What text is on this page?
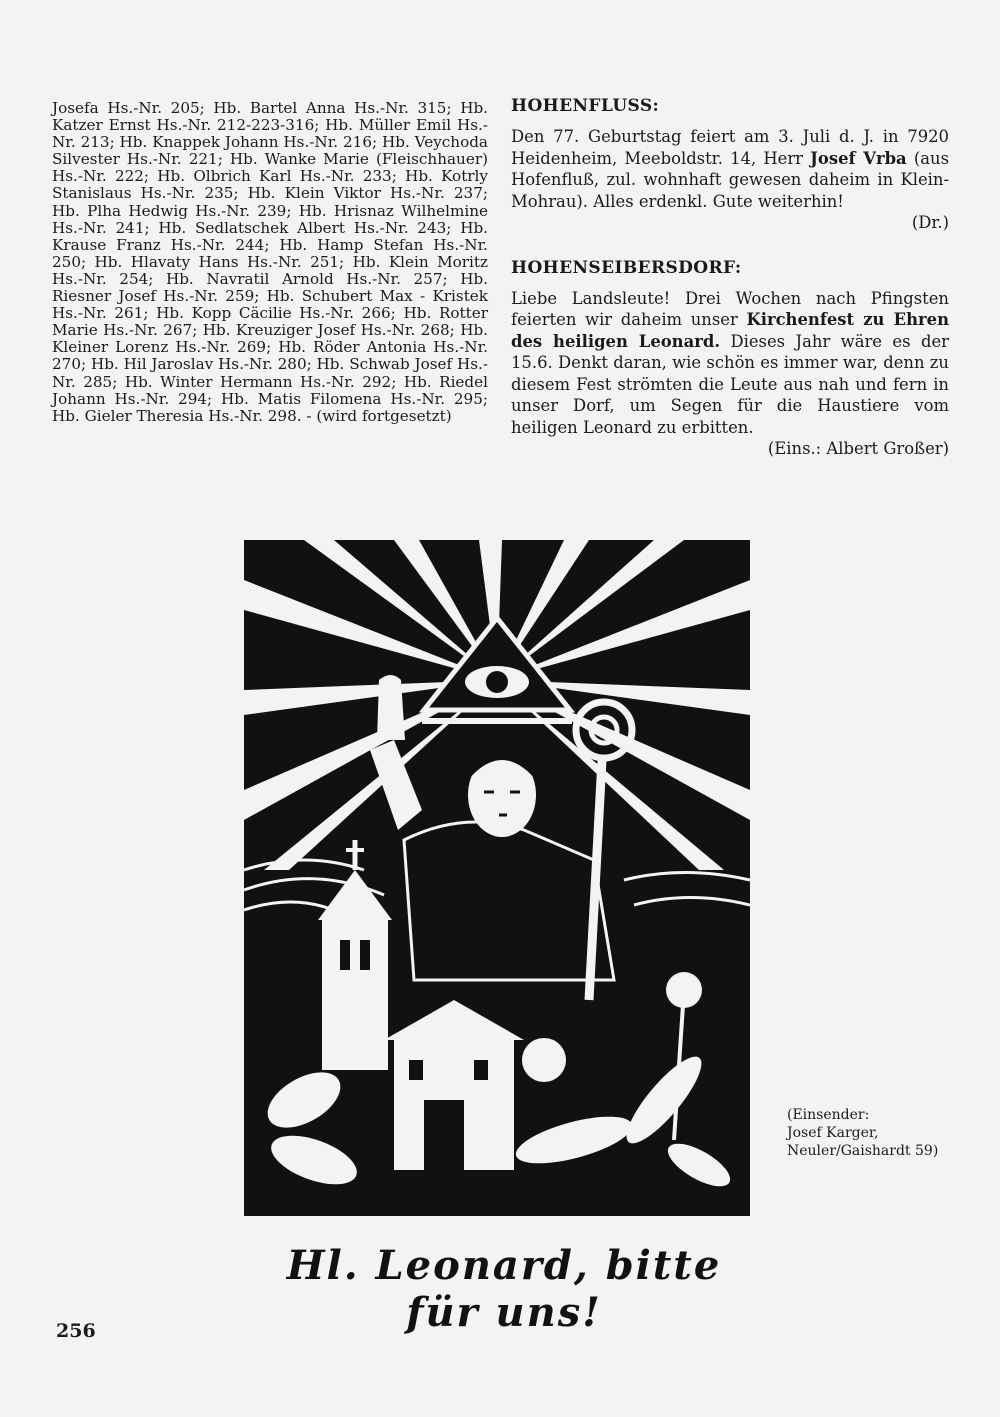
Josefa Hs.-Nr. 205; Hb. Bartel Anna Hs.-Nr. 315; Hb. Katzer Ernst Hs.-Nr. 212-223-316; Hb. Müller Emil Hs.-Nr. 213; Hb. Knappek Johann Hs.-Nr. 216; Hb. Veychoda Silvester Hs.-Nr. 221; Hb. Wanke Marie (Fleischhauer) Hs.-Nr. 222; Hb. Olbrich Karl Hs.-Nr. 233; Hb. Kotrly Stanislaus Hs.-Nr. 235; Hb. Klein Viktor Hs.-Nr. 237; Hb. Plha Hedwig Hs.-Nr. 239; Hb. Hrisnaz Wilhelmine Hs.-Nr. 241; Hb. Sedlatschek Albert Hs.-Nr. 243; Hb. Krause Franz Hs.-Nr. 244; Hb. Hamp Stefan Hs.-Nr. 250; Hb. Hlavaty Hans Hs.-Nr. 251; Hb. Klein Moritz Hs.-Nr. 254; Hb. Navratil Arnold Hs.-Nr. 257; Hb. Riesner Josef Hs.-Nr. 259; Hb. Schubert Max - Kristek Hs.-Nr. 261; Hb. Kopp Cäcilie Hs.-Nr. 266; Hb. Rotter Marie Hs.-Nr. 267; Hb. Kreuziger Josef Hs.-Nr. 268; Hb. Kleiner Lorenz Hs.-Nr. 269; Hb. Röder Antonia Hs.-Nr. 270; Hb. Hil Jaroslav Hs.-Nr. 280; Hb. Schwab Josef Hs.-Nr. 285; Hb. Winter Hermann Hs.-Nr. 292; Hb. Riedel Johann Hs.-Nr. 294; Hb. Matis Filomena Hs.-Nr. 295; Hb. Gieler Theresia Hs.-Nr. 298. - (wird fortgesetzt)

HOHENFLUSS:

Den 77. Geburtstag feiert am 3. Juli d. J. in 7920 Heidenheim, Meeboldstr. 14, Herr Josef Vrba (aus Hofenfluß, zul. wohnhaft gewesen daheim in Klein-Mohrau). Alles erdenkl. Gute weiterhin!
(Dr.)

HOHENSEIBERSDORF:

Liebe Landsleute! Drei Wochen nach Pfingsten feierten wir daheim unser Kirchenfest zu Ehren des heiligen Leonard. Dieses Jahr wäre es der 15.6. Denkt daran, wie schön es immer war, denn zu diesem Fest strömten die Leute aus nah und fern in unser Dorf, um Segen für die Haustiere vom heiligen Leonard zu erbitten.
(Eins.: Albert Großer)

(Einsender:
Josef Karger,
Neuler/Gaishardt 59)
Hl. Leonard, bitte für uns!
256
